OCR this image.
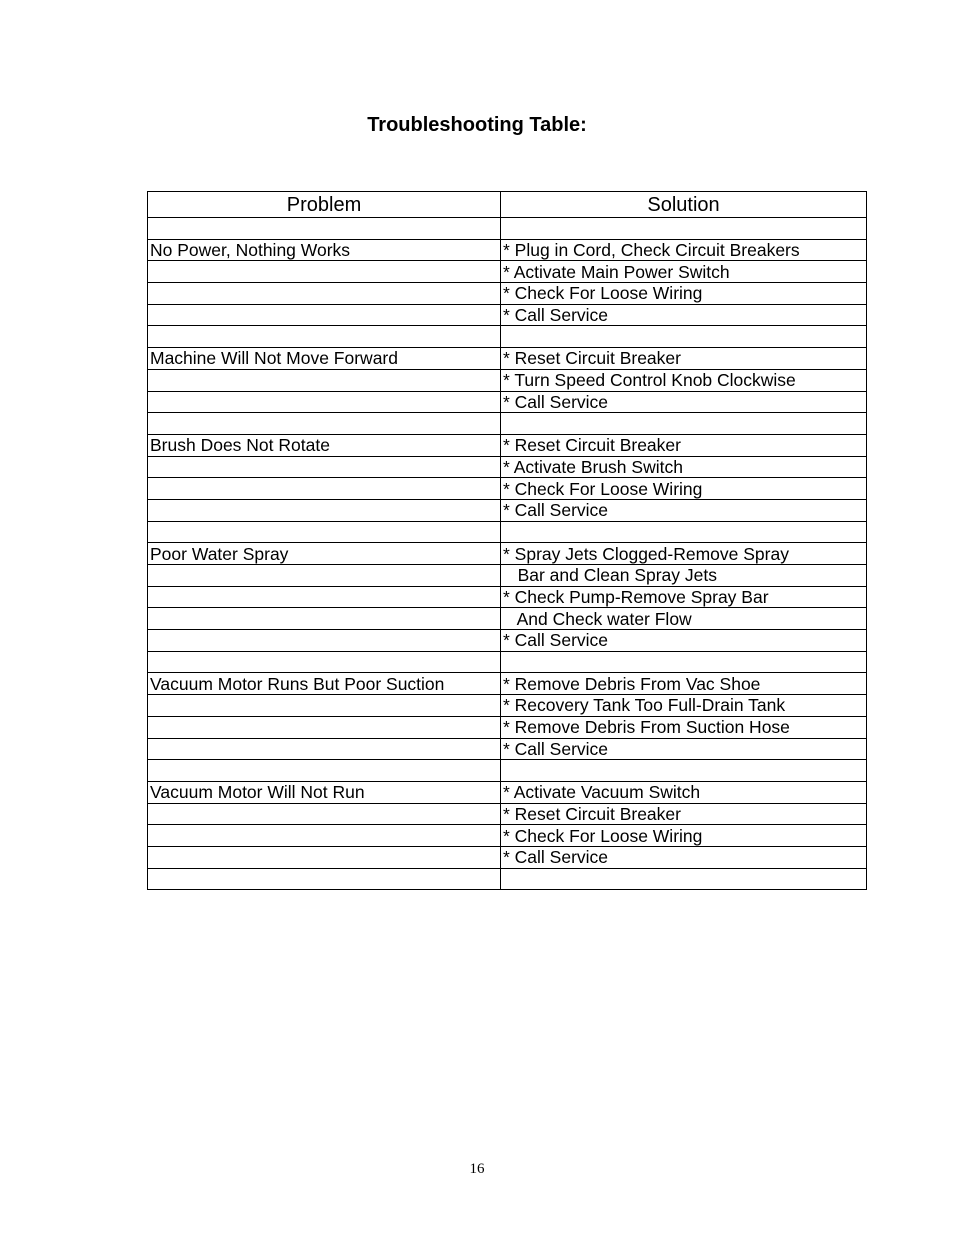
Troubleshooting Table:
Problem	Solution

No Power, Nothing Works	* Plug in Cord, Check Circuit Breakers
	* Activate Main Power Switch
	* Check For Loose Wiring
	* Call Service

Machine Will Not Move Forward	* Reset Circuit Breaker
	* Turn Speed Control Knob Clockwise
	* Call Service

Brush Does Not Rotate	* Reset Circuit Breaker
	* Activate Brush Switch
	* Check For Loose Wiring
	* Call Service

Poor Water Spray	* Spray Jets Clogged-Remove Spray
	Bar and Clean Spray Jets
	* Check Pump-Remove Spray Bar
	And Check water Flow
	* Call Service

Vacuum Motor Runs But Poor Suction	* Remove Debris From Vac Shoe
	* Recovery Tank Too Full-Drain Tank
	* Remove Debris From Suction Hose
	* Call Service

Vacuum Motor Will Not Run	* Activate Vacuum Switch
	* Reset Circuit Breaker
	* Check For Loose Wiring
	* Call Service

16
